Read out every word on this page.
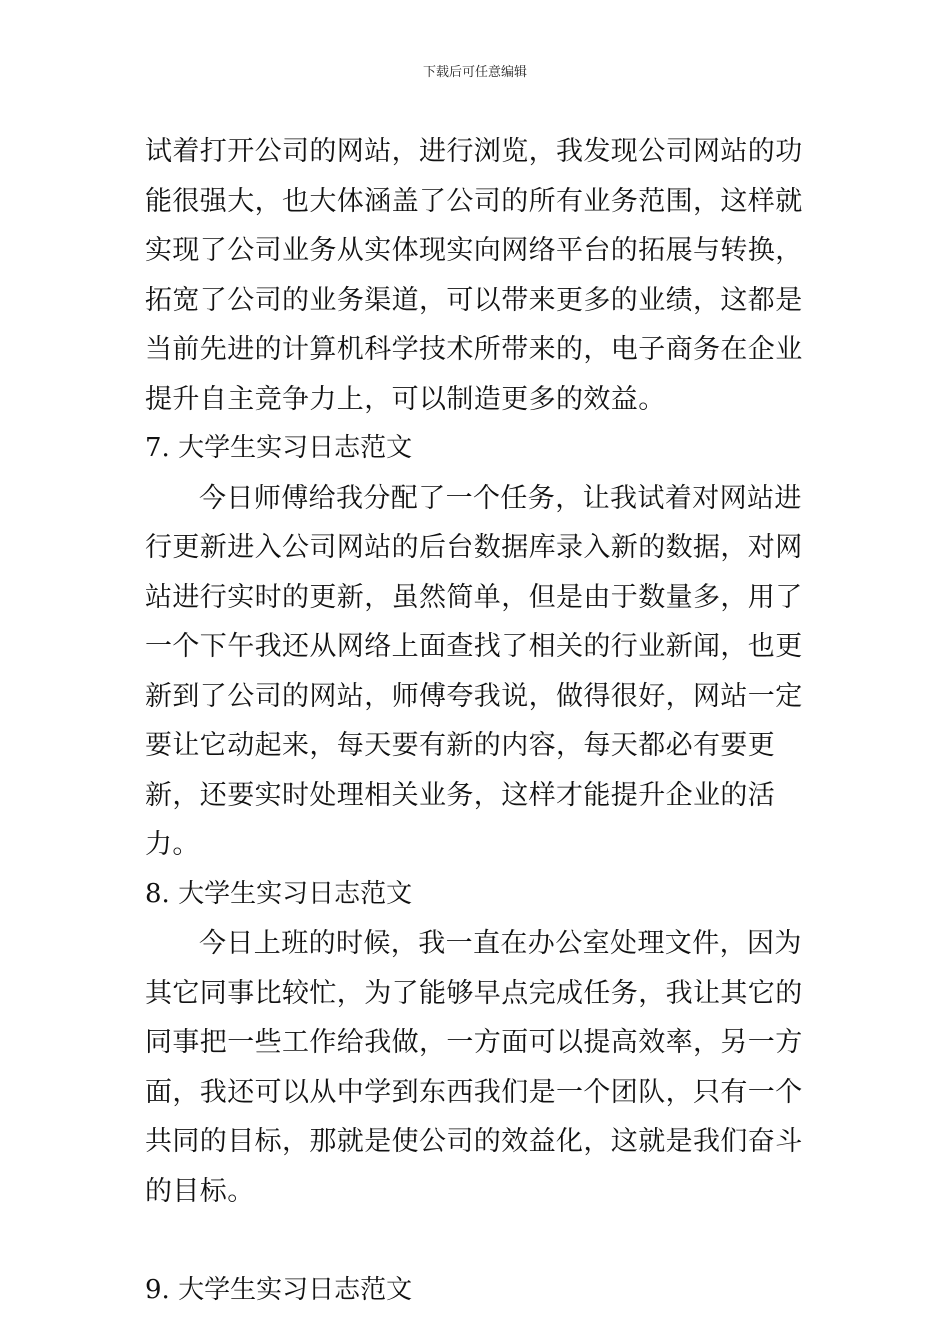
下载后可任意编辑

试着打开公司的网站，进行浏览，我发现公司网站的功能很强大，也大体涵盖了公司的所有业务范围，这样就实现了公司业务从实体现实向网络平台的拓展与转换，拓宽了公司的业务渠道，可以带来更多的业绩，这都是当前先进的计算机科学技术所带来的，电子商务在企业提升自主竞争力上，可以制造更多的效益。

7. 大学生实习日志范文

今日师傅给我分配了一个任务，让我试着对网站进行更新进入公司网站的后台数据库录入新的数据，对网站进行实时的更新，虽然简单，但是由于数量多，用了一个下午我还从网络上面查找了相关的行业新闻，也更新到了公司的网站，师傅夸我说，做得很好，网站一定要让它动起来，每天要有新的内容，每天都必有要更新，还要实时处理相关业务，这样才能提升企业的活力。

8. 大学生实习日志范文

今日上班的时候，我一直在办公室处理文件，因为其它同事比较忙，为了能够早点完成任务，我让其它的同事把一些工作给我做，一方面可以提高效率，另一方面，我还可以从中学到东西我们是一个团队，只有一个共同的目标，那就是使公司的效益化，这就是我们奋斗的目标。

9. 大学生实习日志范文
